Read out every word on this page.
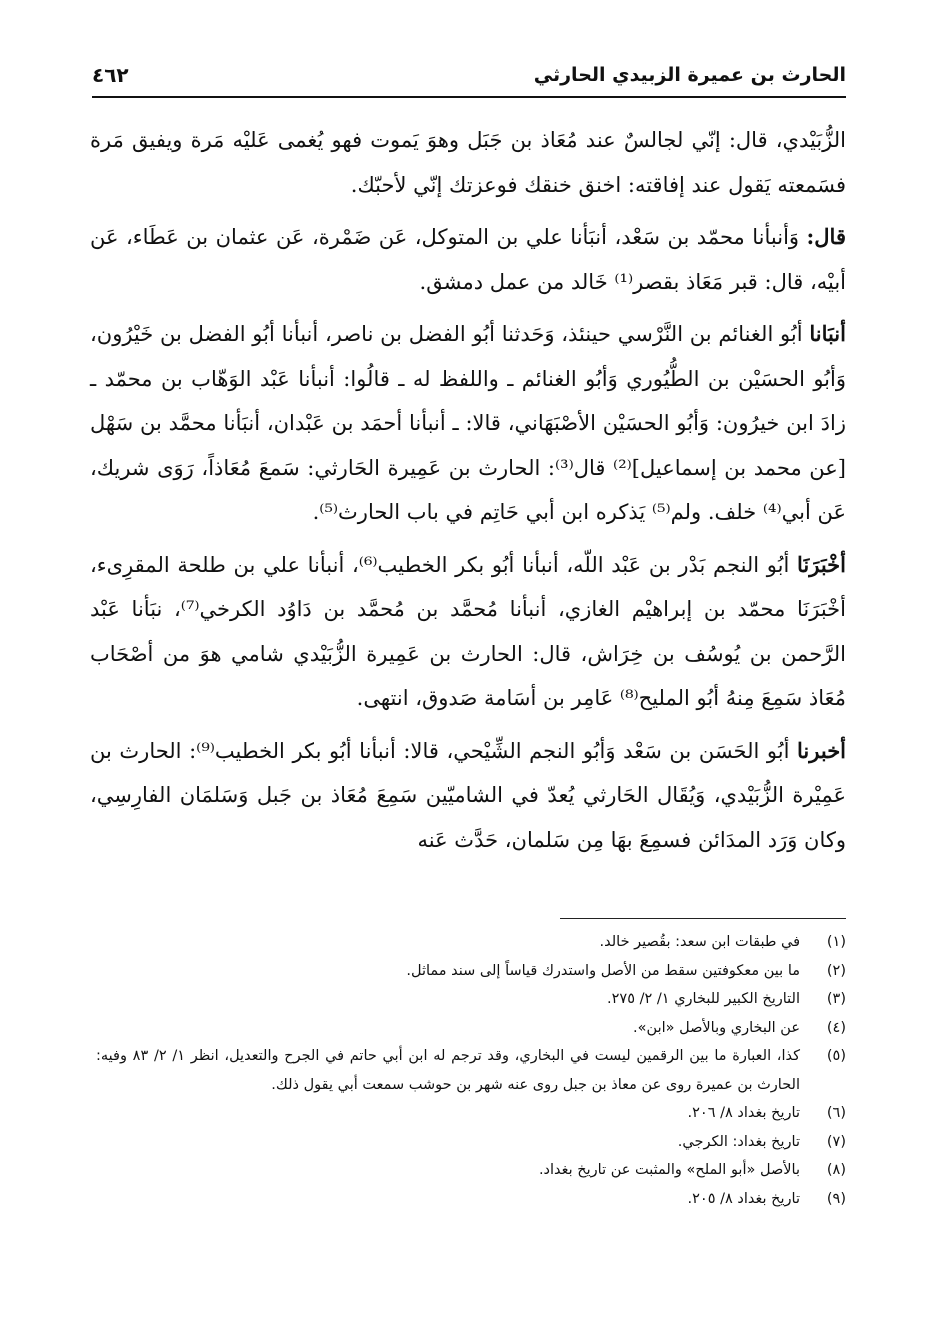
الحارث بن عميرة الزبيدي الحارثي
٤٦٢

الزُّبَيْدي، قال: إنّي لجالسٌ عند مُعَاذ بن جَبَل وهوَ يَموت فهو يُغمى عَليْه مَرة ويفيق مَرة فسَمعته يَقول عند إفاقته: اخنق خنقك فوعزتك إنّي لأحبّك.

قال: وَأنبأنا محمّد بن سَعْد، أنبَأنا علي بن المتوكل، عَن ضَمْرة، عَن عثمان بن عَطَاء، عَن أبيْه، قال: قبر مَعَاذ بقصر⁽¹⁾ خَالد من عمل دمشق.

أنبَانا أبُو الغنائم بن النَّرْسي حينئذ، وَحَدثنا أبُو الفضل بن ناصر، أنبأنا أبُو الفضل بن خَيْرُون، وَأبُو الحسَيْن بن الطُّيُوري وَأبُو الغنائم ـ واللفظ له ـ قالُوا: أنبأنا عَبْد الوَهّاب بن محمّد ـ زادَ ابن خيرُون: وَأبُو الحسَيْن الأصْبَهَاني، قالا: ـ أنبأنا أحمَد بن عَبْدان، أنبَأنا محمَّد بن سَهْل [عن محمد بن إسماعيل]⁽²⁾ قال⁽³⁾: الحارث بن عَمِيرة الحَارثي: سَمعَ مُعَاذاً، رَوَى شريك، عَن أبي⁽⁴⁾ خلف. ولم⁽⁵⁾ يَذكره ابن أبي حَاتِم في باب الحارث⁽⁵⁾.

أخْبَرَنَا أبُو النجم بَدْر بن عَبْد اللّه، أنبأنا أبُو بكر الخطيب⁽⁶⁾، أنبأنا علي بن طلحة المقرِىء، أخْبَرَنَا محمّد بن إبراهيْم الغازي، أنبأنا مُحمَّد بن مُحمَّد بن دَاوُد الكرخي⁽⁷⁾، نبَأنا عَبْد الرَّحمن بن يُوسُف بن خِرَاش، قال: الحارث بن عَمِيرة الزُّبَيْدي شامي هوَ من أصْحَاب مُعَاذ سَمِعَ مِنهُ أبُو المليح⁽⁸⁾ عَامِر بن أسَامة صَدوق، انتهى.

أخبرنا أبُو الحَسَن بن سَعْد وَأبُو النجم الشِّيْحي، قالا: أنبأنا أبُو بكر الخطيب⁽⁹⁾: الحارث بن عَمِيْرة الزُّبَيْدي، وَيُقَال الحَارثي يُعدّ في الشاميّين سَمِعَ مُعَاذ بن جَبل وَسَلمَان الفارِسِي، وكان وَرَد المدَائن فسمِعَ بهَا مِن سَلمان، حَدَّث عَنه

(١)
في طبقات ابن سعد: بقُصير خالد.
(٢)
ما بين معكوفتين سقط من الأصل واستدرك قياساً إلى سند مماثل.
(٣)
التاريخ الكبير للبخاري ١/ ٢/ ٢٧٥.
(٤)
عن البخاري وبالأصل «ابن».
(٥)
كذا، العبارة ما بين الرقمين ليست في البخاري، وقد ترجم له ابن أبي حاتم في الجرح والتعديل، انظر ١/ ٢/ ٨٣ وفيه: الحارث بن عميرة روى عن معاذ بن جبل روى عنه شهر بن حوشب سمعت أبي يقول ذلك.
(٦)
تاريخ بغداد ٨/ ٢٠٦.
(٧)
تاريخ بغداد: الكرجي.
(٨)
بالأصل «أبو الملح» والمثبت عن تاريخ بغداد.
(٩)
تاريخ بغداد ٨/ ٢٠٥.
